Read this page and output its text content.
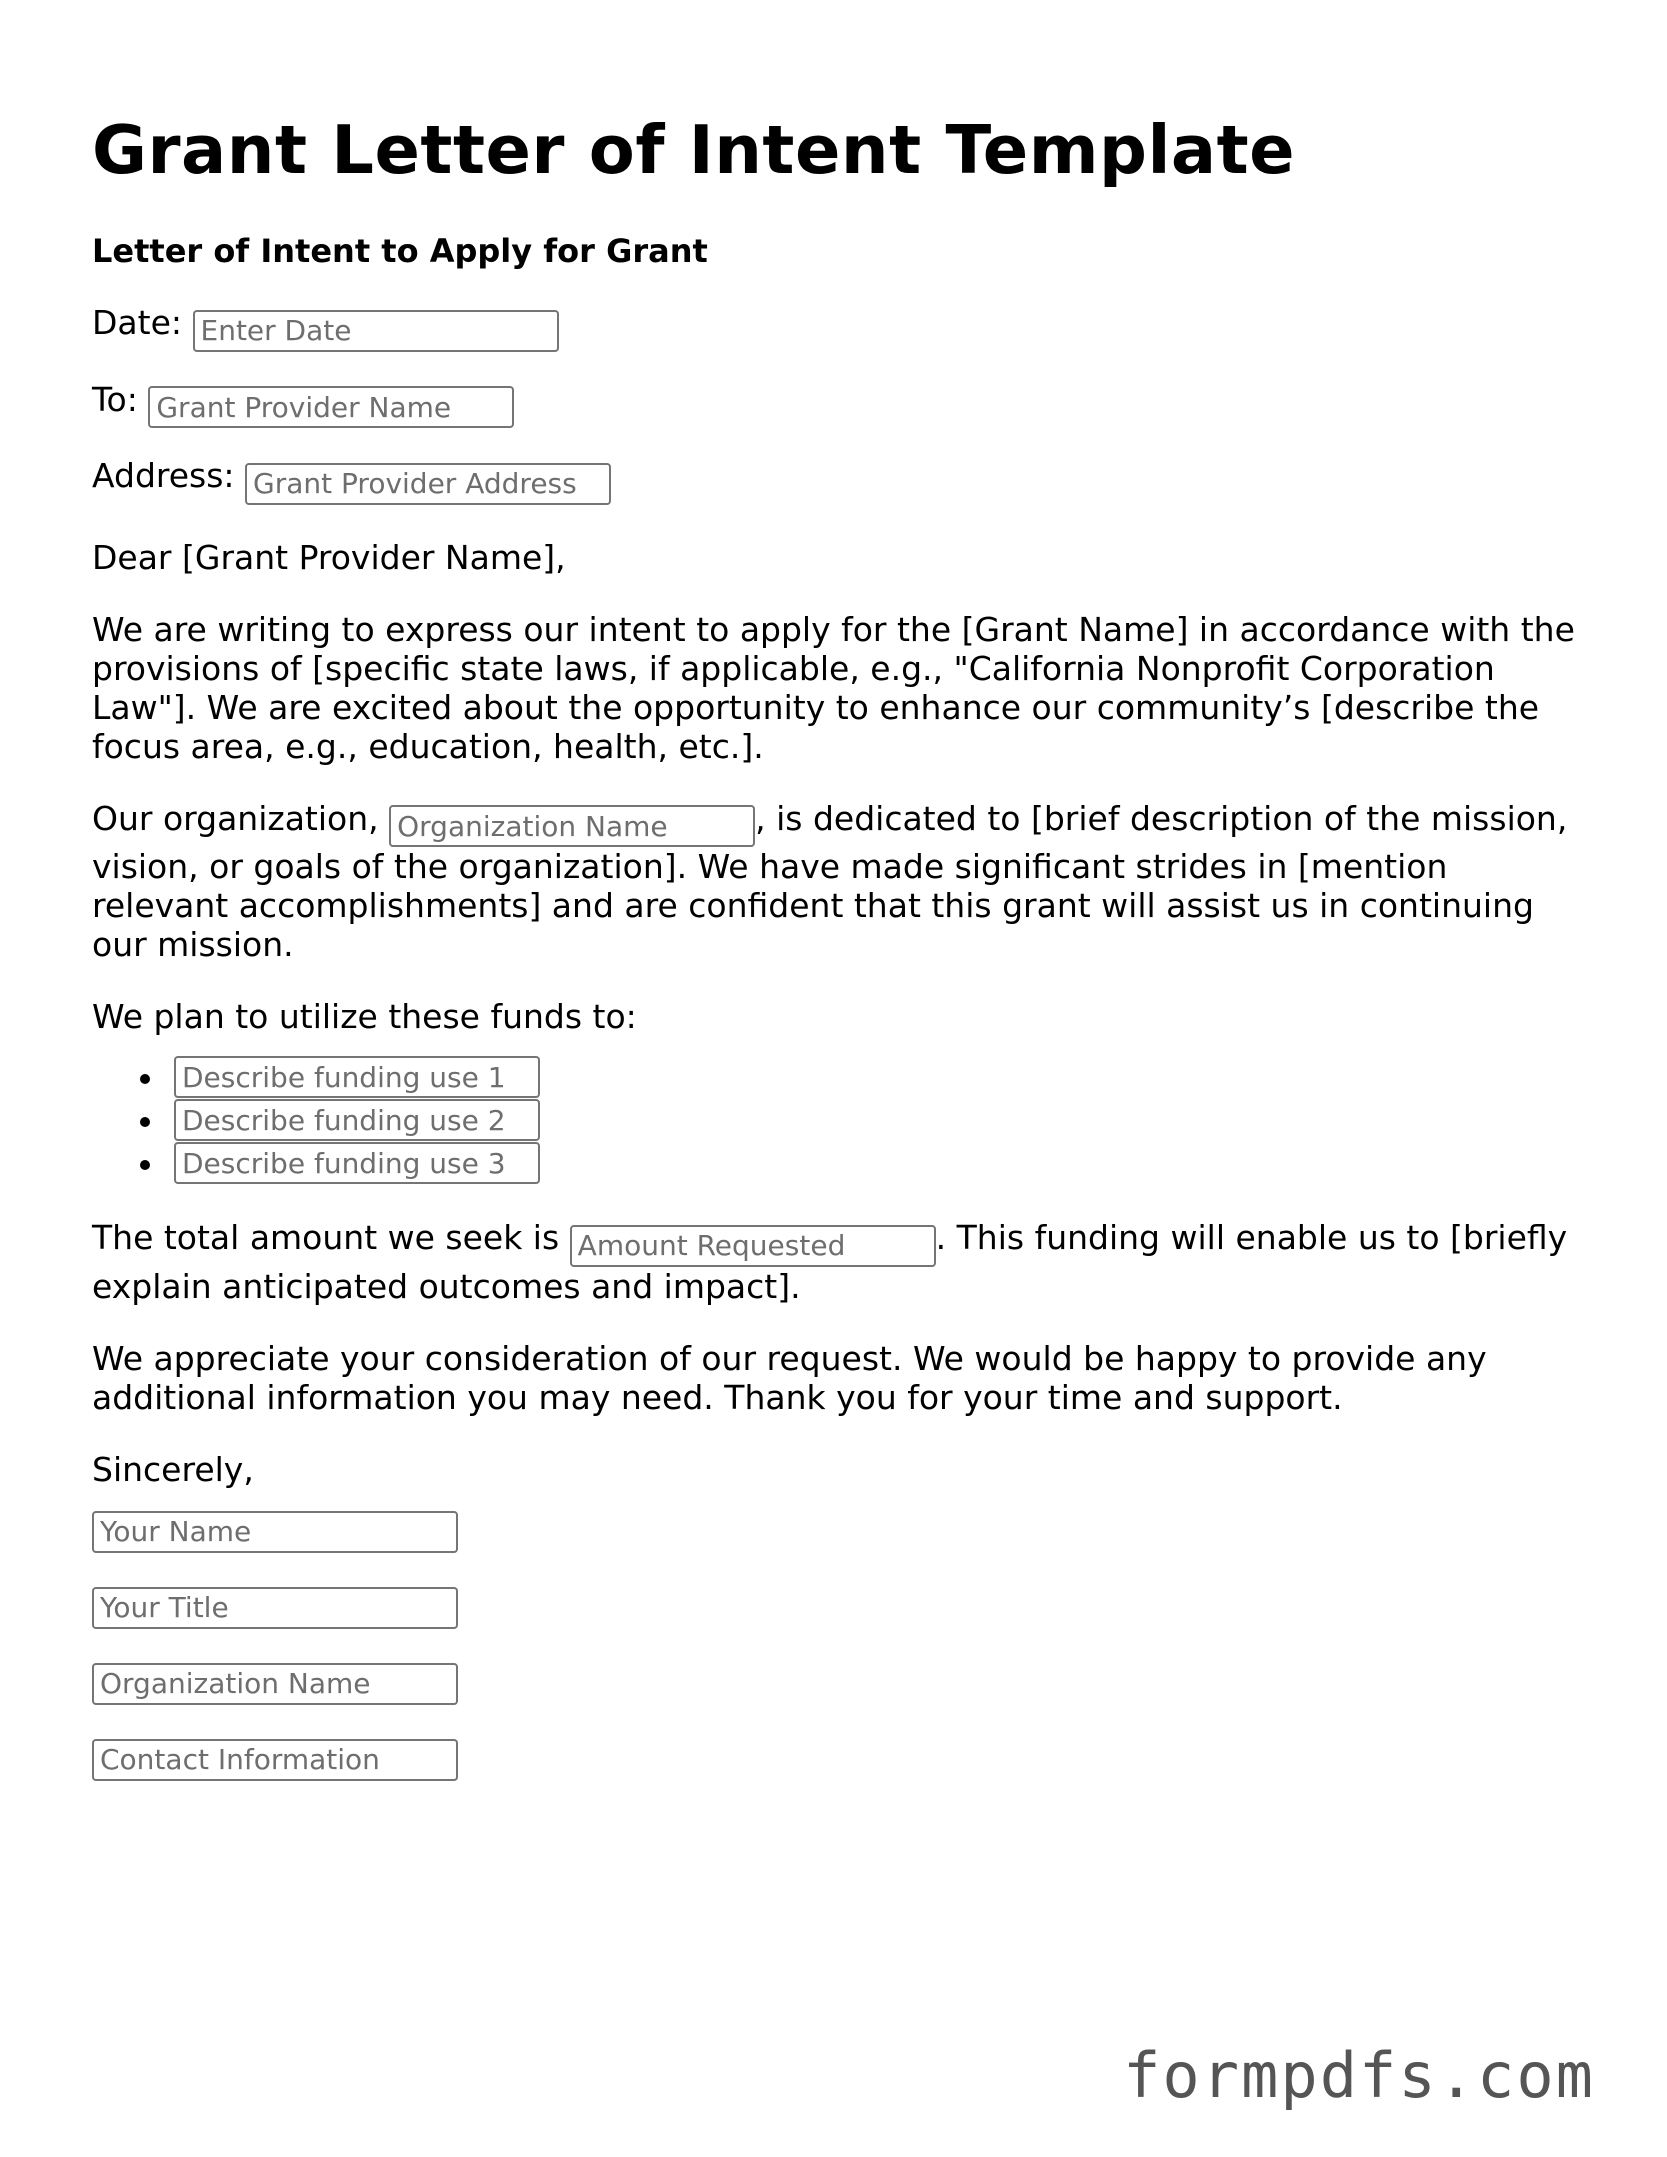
Grant Letter of Intent Template
Letter of Intent to Apply for Grant
Date: Enter Date
To: Grant Provider Name
Address: Grant Provider Address

Dear [Grant Provider Name],

We are writing to express our intent to apply for the [Grant Name] in accordance with the provisions of [specific state laws, if applicable, e.g., "California Nonprofit Corporation Law"]. We are excited about the opportunity to enhance our community’s [describe the focus area, e.g., education, health, etc.].

Our organization, Organization Name	, is dedicated to [brief description of the mission, vision, or goals of the organization]. We have made significant strides in [mention relevant accomplishments] and are confident that this grant will assist us in continuing our mission.

We plan to utilize these funds to:

Describe funding use 1
Describe funding use 2
Describe funding use 3

The total amount we seek is Amount Requested	. This funding will enable us to [briefly explain anticipated outcomes and impact].

We appreciate your consideration of our request. We would be happy to provide any additional information you may need. Thank you for your time and support.

Sincerely,

Your Name
Your Title
Organization Name
Contact Information
formpdfs.com
